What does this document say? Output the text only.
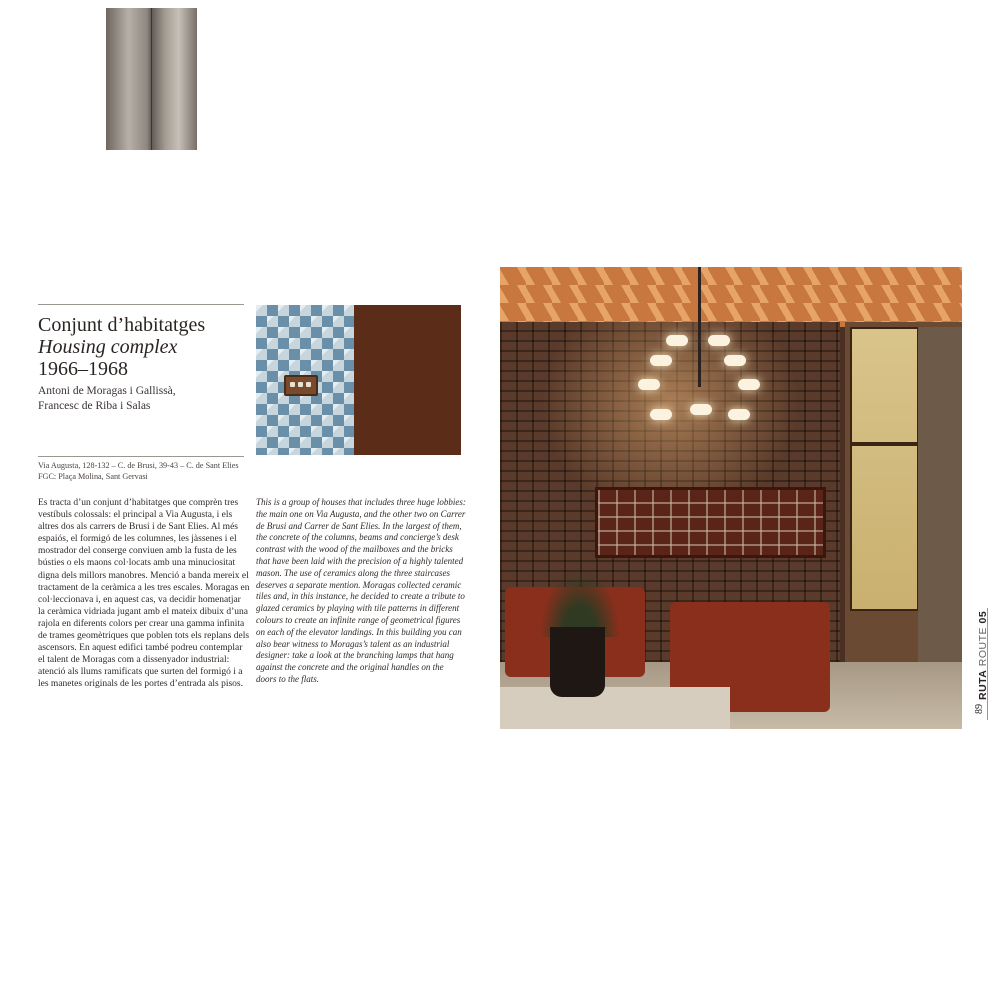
Conjunt d’habitatges
Housing complex
1966–1968
Antoni de Moragas i Gallissà,
Francesc de Riba i Salas
Via Augusta, 128-132 – C. de Brusi, 39-43 – C. de Sant Elies
FGC: Plaça Molina, Sant Gervasi

Es tracta d’un conjunt d’habitatges que comprèn tres vestíbuls colossals: el principal a Via Augusta, i els altres dos als carrers de Brusi i de Sant Elies. Al més espaiós, el formigó de les columnes, les jàssenes i el mostrador del conserge conviuen amb la fusta de les bústies o els maons col·locats amb una minuciositat digna dels millors manobres. Menció a banda mereix el tractament de la ceràmica a les tres escales. Moragas en col·leccionava i, en aquest cas, va decidir homenatjar la ceràmica vidriada jugant amb el mateix dibuix d’una rajola en diferents colors per crear una gamma infinita de trames geomètriques que poblen tots els replans dels ascensors. En aquest edifici també podreu contemplar el talent de Moragas com a dissenyador industrial: atenció als llums ramificats que surten del formigó i a les manetes originals de les portes d’entrada als pisos.

This is a group of houses that includes three huge lobbies: the main one on Via Augusta, and the other two on Carrer de Brusi and Carrer de Sant Elies. In the largest of them, the concrete of the columns, beams and concierge’s desk contrast with the wood of the mailboxes and the bricks that have been laid with the precision of a highly talented mason. The use of ceramics along the three staircases deserves a separate mention. Moragas collected ceramic tiles and, in this instance, he decided to create a tribute to glazed ceramics by playing with tile patterns in different colours to create an infinite range of geometrical figures on each of the elevator landings. In this building you can also bear witness to Moragas’s talent as an industrial designer: take a look at the branching lamps that hang against the concrete and the original handles on the doors to the flats.	RUTA ROUTE 05
89
